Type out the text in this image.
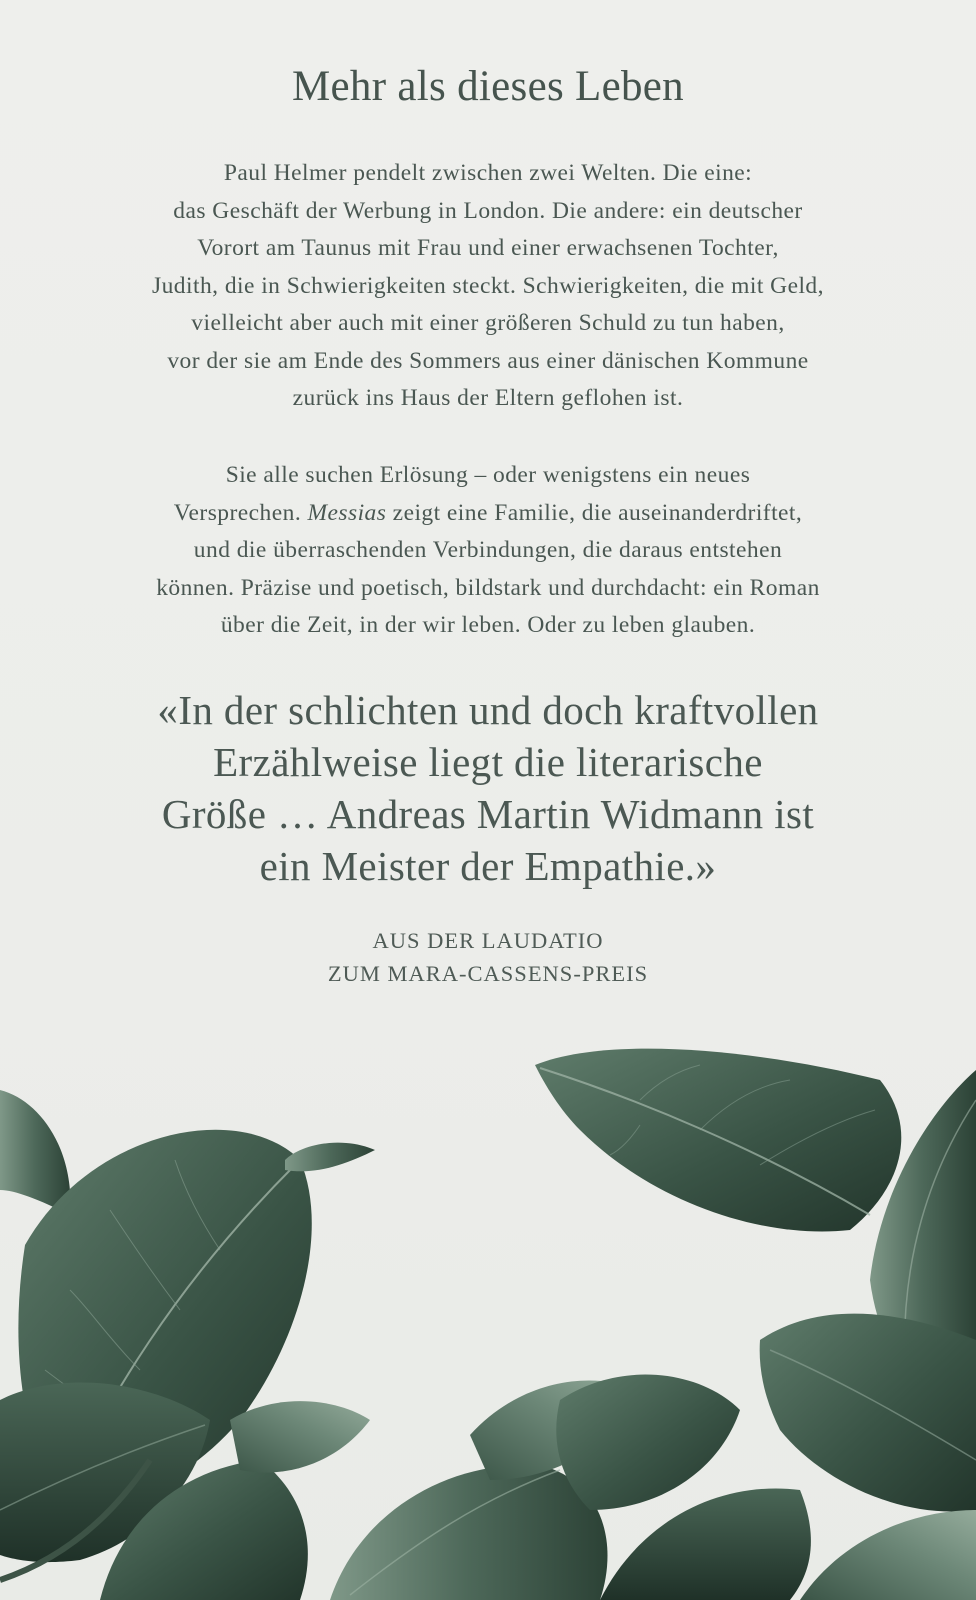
Mehr als dieses Leben

Paul Helmer pendelt zwischen zwei Welten. Die eine:
das Geschäft der Werbung in London. Die andere: ein deutscher
Vorort am Taunus mit Frau und einer erwachsenen Tochter,
Judith, die in Schwierigkeiten steckt. Schwierigkeiten, die mit Geld,
vielleicht aber auch mit einer größeren Schuld zu tun haben,
vor der sie am Ende des Sommers aus einer dänischen Kommune
zurück ins Haus der Eltern geflohen ist.

Sie alle suchen Erlösung – oder wenigstens ein neues
Versprechen. Messias zeigt eine Familie, die auseinanderdriftet,
und die überraschenden Verbindungen, die daraus entstehen
können. Präzise und poetisch, bildstark und durchdacht: ein Roman
über die Zeit, in der wir leben. Oder zu leben glauben.

«In der schlichten und doch kraftvollen
Erzählweise liegt die literarische
Größe … Andreas Martin Widmann ist
ein Meister der Empathie.»
AUS DER LAUDATIO
ZUM MARA-CASSENS-PREIS
